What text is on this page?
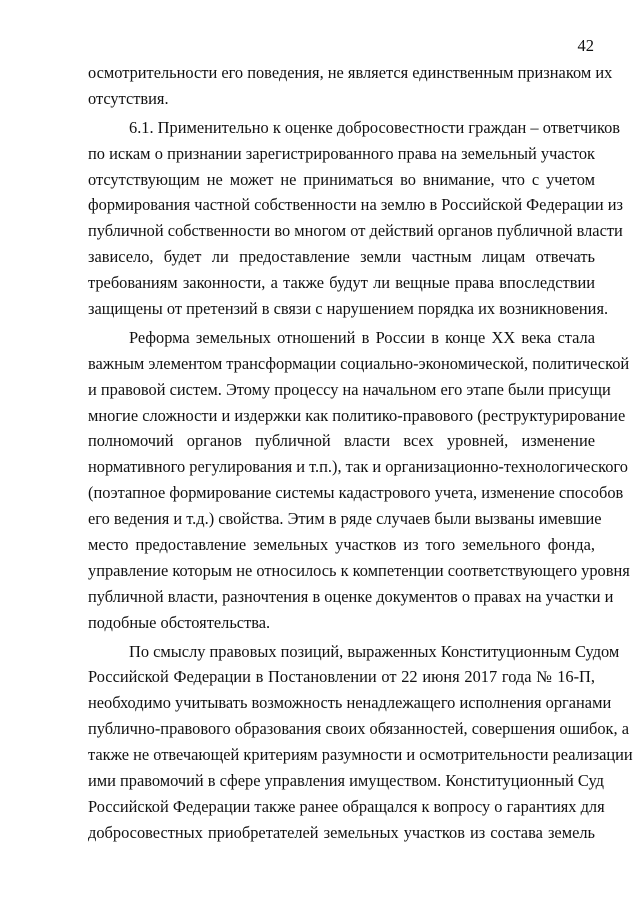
42
осмотрительности его поведения, не является единственным признаком их
отсутствия.
6.1. Применительно к оценке добросовестности граждан – ответчиков
по искам о признании зарегистрированного права на земельный участок
отсутствующим не может не приниматься во внимание, что с учетом
формирования частной собственности на землю в Российской Федерации из
публичной собственности во многом от действий органов публичной власти
зависело, будет ли предоставление земли частным лицам отвечать
требованиям законности, а также будут ли вещные права впоследствии
защищены от претензий в связи с нарушением порядка их возникновения.
Реформа земельных отношений в России в конце XX века стала
важным элементом трансформации социально-экономической, политической
и правовой систем. Этому процессу на начальном его этапе были присущи
многие сложности и издержки как политико-правового (реструктурирование
полномочий органов публичной власти всех уровней, изменение
нормативного регулирования и т.п.), так и организационно-технологического
(поэтапное формирование системы кадастрового учета, изменение способов
его ведения и т.д.) свойства. Этим в ряде случаев были вызваны имевшие
место предоставление земельных участков из того земельного фонда,
управление которым не относилось к компетенции соответствующего уровня
публичной власти, разночтения в оценке документов о правах на участки и
подобные обстоятельства.
По смыслу правовых позиций, выраженных Конституционным Судом
Российской Федерации в Постановлении от 22 июня 2017 года № 16-П,
необходимо учитывать возможность ненадлежащего исполнения органами
публично-правового образования своих обязанностей, совершения ошибок, а
также не отвечающей критериям разумности и осмотрительности реализации
ими правомочий в сфере управления имуществом. Конституционный Суд
Российской Федерации также ранее обращался к вопросу о гарантиях для
добросовестных приобретателей земельных участков из состава земель
